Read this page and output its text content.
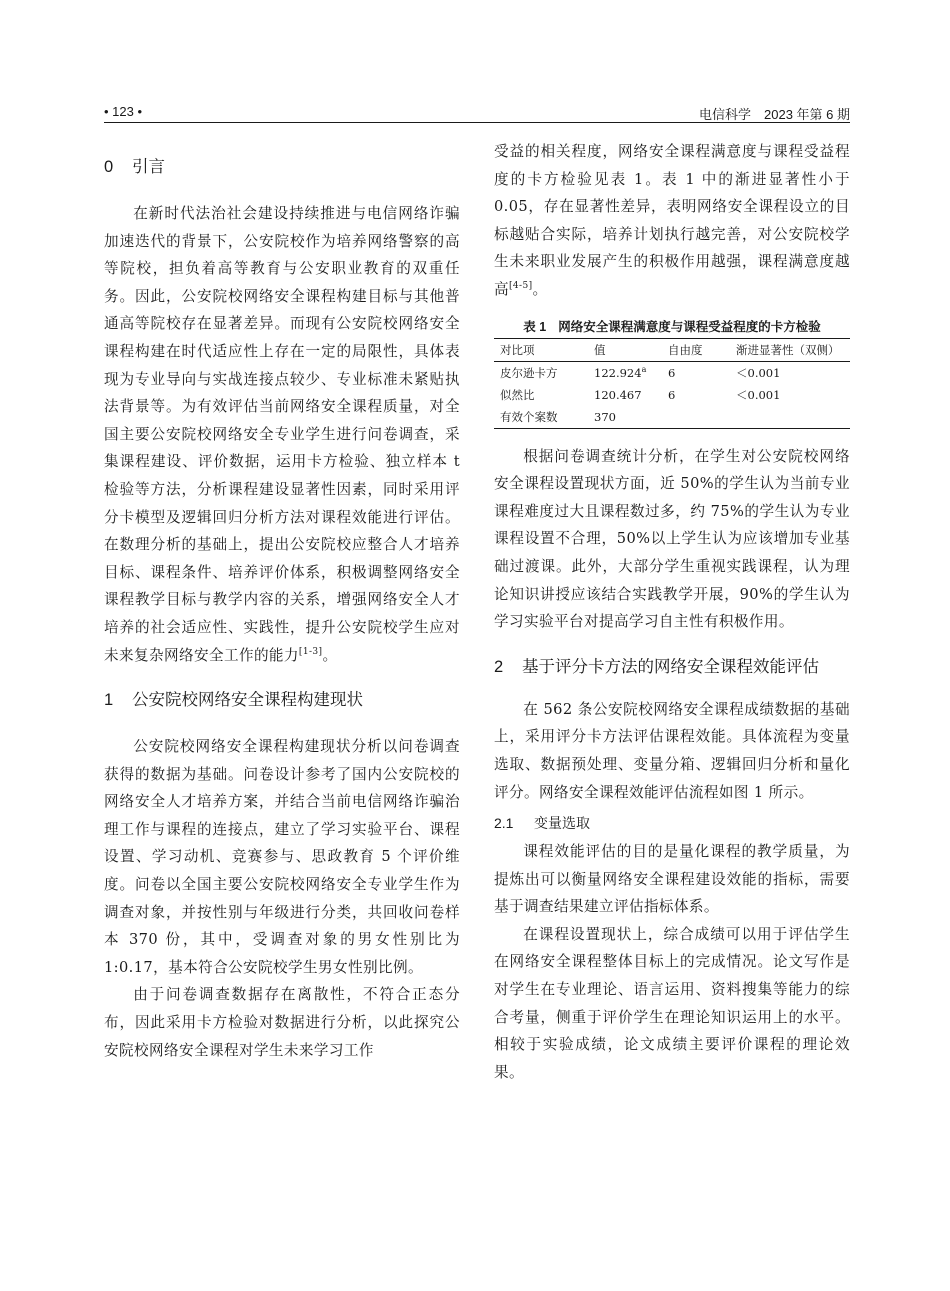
• 123 •	电信科学　2023 年第 6 期
0 引言

在新时代法治社会建设持续推进与电信网络诈骗加速迭代的背景下，公安院校作为培养网络警察的高等院校，担负着高等教育与公安职业教育的双重任务。因此，公安院校网络安全课程构建目标与其他普通高等院校存在显著差异。而现有公安院校网络安全课程构建在时代适应性上存在一定的局限性，具体表现为专业导向与实战连接点较少、专业标准未紧贴执法背景等。为有效评估当前网络安全课程质量，对全国主要公安院校网络安全专业学生进行问卷调查，采集课程建设、评价数据，运用卡方检验、独立样本 t 检验等方法，分析课程建设显著性因素，同时采用评分卡模型及逻辑回归分析方法对课程效能进行评估。在数理分析的基础上，提出公安院校应整合人才培养目标、课程条件、培养评价体系，积极调整网络安全课程教学目标与教学内容的关系，增强网络安全人才培养的社会适应性、实践性，提升公安院校学生应对未来复杂网络安全工作的能力[1-3]。

1 公安院校网络安全课程构建现状

公安院校网络安全课程构建现状分析以问卷调查获得的数据为基础。问卷设计参考了国内公安院校的网络安全人才培养方案，并结合当前电信网络诈骗治理工作与课程的连接点，建立了学习实验平台、课程设置、学习动机、竞赛参与、思政教育 5 个评价维度。问卷以全国主要公安院校网络安全专业学生作为调查对象，并按性别与年级进行分类，共回收问卷样本 370 份，其中，受调查对象的男女性别比为 1:0.17，基本符合公安院校学生男女性别比例。

由于问卷调查数据存在离散性，不符合正态分布，因此采用卡方检验对数据进行分析，以此探究公安院校网络安全课程对学生未来学习工作

受益的相关程度，网络安全课程满意度与课程受益程度的卡方检验见表 1。表 1 中的渐进显著性小于 0.05，存在显著性差异，表明网络安全课程设立的目标越贴合实际，培养计划执行越完善，对公安院校学生未来职业发展产生的积极作用越强，课程满意度越高[4-5]。

表 1 网络安全课程满意度与课程受益程度的卡方检验
对比项	值	自由度	渐进显著性（双侧）
皮尔逊卡方	122.924$^a$	6	＜0.001
似然比	120.467	6	＜0.001
有效个案数	370		

根据问卷调查统计分析，在学生对公安院校网络安全课程设置现状方面，近 50%的学生认为当前专业课程难度过大且课程数过多，约 75%的学生认为专业课程设置不合理，50%以上学生认为应该增加专业基础过渡课。此外，大部分学生重视实践课程，认为理论知识讲授应该结合实践教学开展，90%的学生认为学习实验平台对提高学习自主性有积极作用。

2 基于评分卡方法的网络安全课程效能评估

在 562 条公安院校网络安全课程成绩数据的基础上，采用评分卡方法评估课程效能。具体流程为变量选取、数据预处理、变量分箱、逻辑回归分析和量化评分。网络安全课程效能评估流程如图 1 所示。

2.1 变量选取

课程效能评估的目的是量化课程的教学质量，为提炼出可以衡量网络安全课程建设效能的指标，需要基于调查结果建立评估指标体系。

在课程设置现状上，综合成绩可以用于评估学生在网络安全课程整体目标上的完成情况。论文写作是对学生在专业理论、语言运用、资料搜集等能力的综合考量，侧重于评价学生在理论知识运用上的水平。相较于实验成绩，论文成绩主要评价课程的理论效果。
